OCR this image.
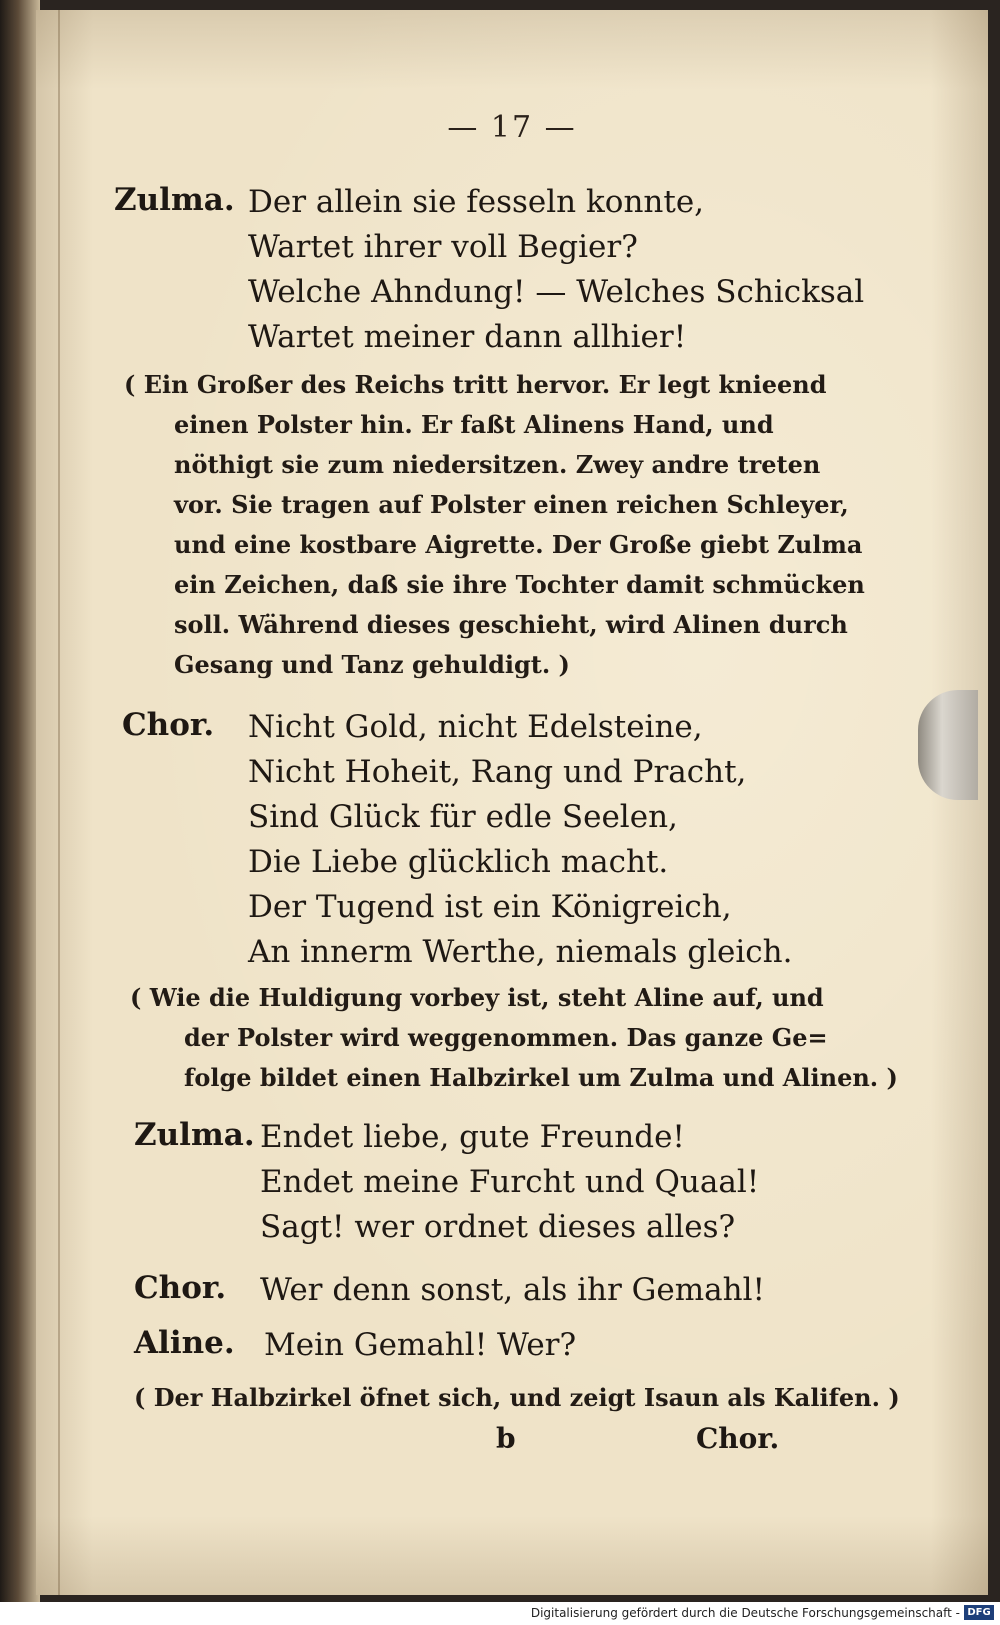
— 17 —
Zulma. Der allein sie fesseln konnte,
Wartet ihrer voll Begier?
Welche Ahndung! — Welches Schicksal
Wartet meiner dann allhier!
( Ein Großer des Reichs tritt hervor. Er legt knieend
einen Polster hin. Er faßt Alinens Hand, und
nöthigt sie zum niedersitzen. Zwey andre treten
vor. Sie tragen auf Polster einen reichen Schleyer,
und eine kostbare Aigrette. Der Große giebt Zulma
ein Zeichen, daß sie ihre Tochter damit schmücken
soll. Während dieses geschieht, wird Alinen durch
Gesang und Tanz gehuldigt. )
Chor. Nicht Gold, nicht Edelsteine,
Nicht Hoheit, Rang und Pracht,
Sind Glück für edle Seelen,
Die Liebe glücklich macht.
Der Tugend ist ein Königreich,
An innerm Werthe, niemals gleich.
( Wie die Huldigung vorbey ist, steht Aline auf, und
der Polster wird weggenommen. Das ganze Ge=
folge bildet einen Halbzirkel um Zulma und Alinen. )
Zulma. Endet liebe, gute Freunde!
Endet meine Furcht und Quaal!
Sagt! wer ordnet dieses alles?
Chor. Wer denn sonst, als ihr Gemahl!
Aline. Mein Gemahl! Wer?
( Der Halbzirkel öfnet sich, und zeigt Isaun als Kalifen. )
b	Chor.
Digitalisierung gefördert durch die Deutsche Forschungsgemeinschaft - DFG
